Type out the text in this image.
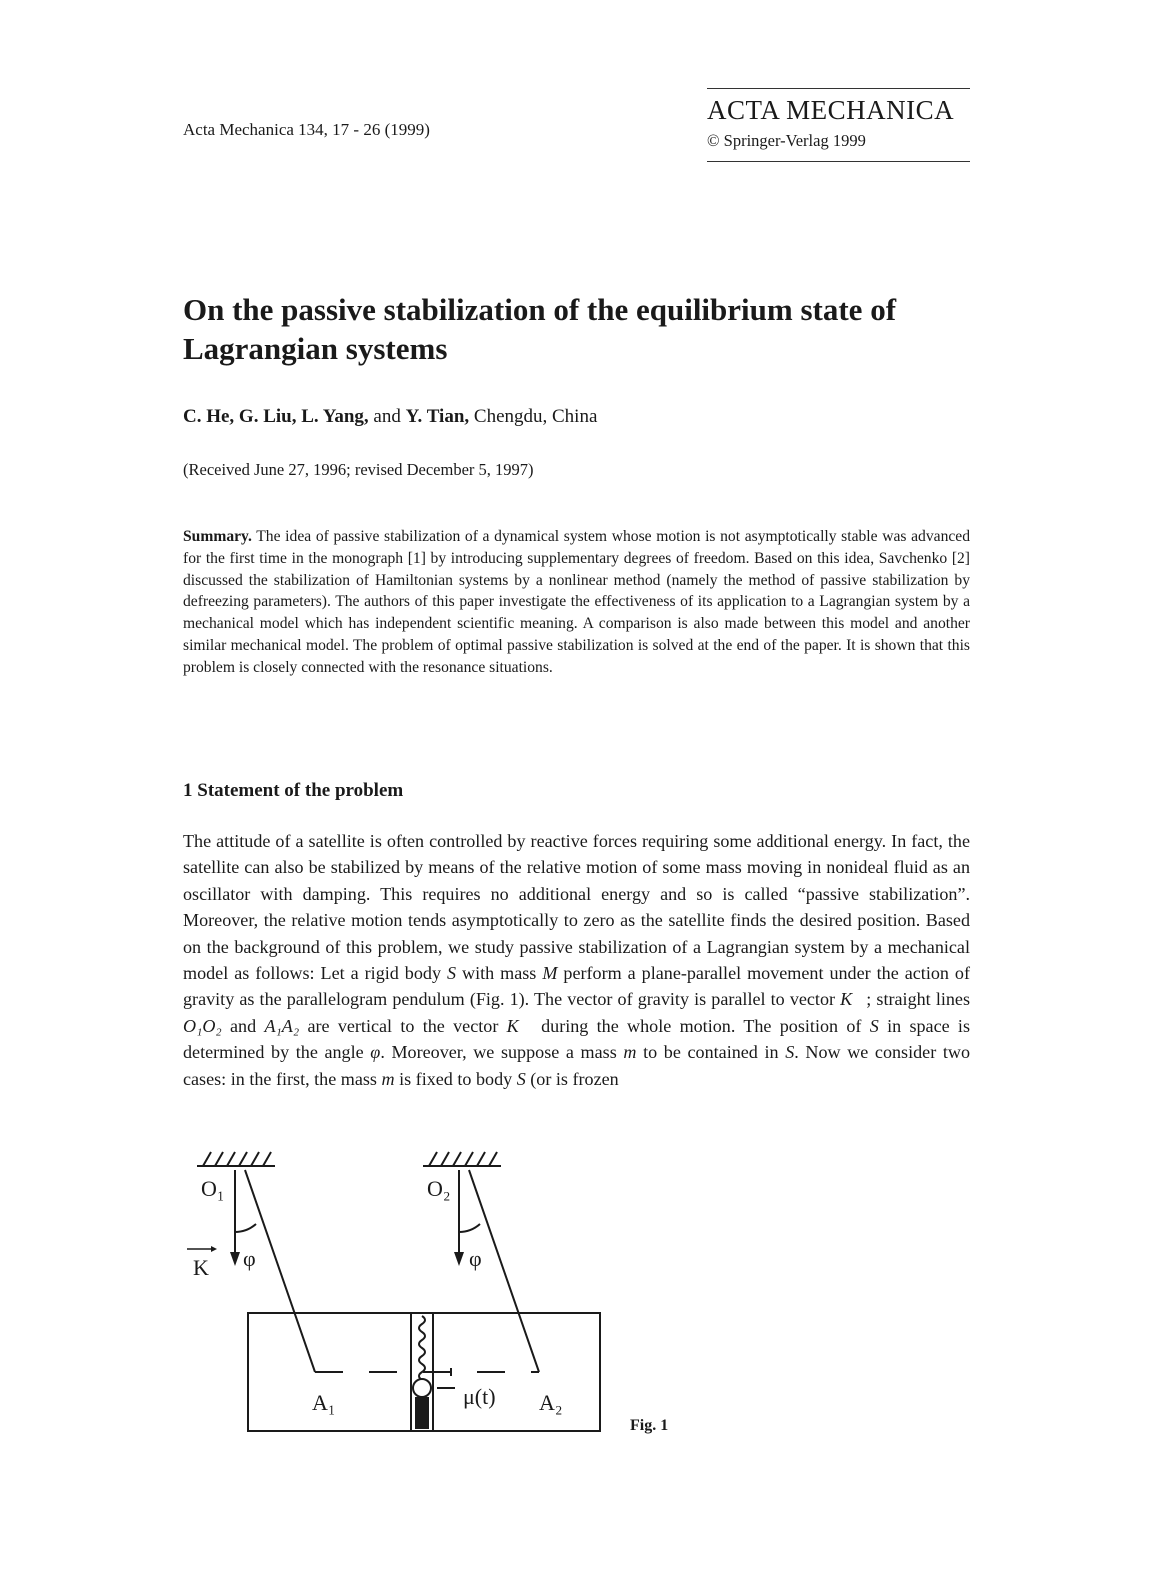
Acta Mechanica 134, 17 - 26 (1999)
ACTA MECHANICA
© Springer-Verlag 1999
On the passive stabilization of the equilibrium state of Lagrangian systems
C. He, G. Liu, L. Yang, and Y. Tian, Chengdu, China
(Received June 27, 1996; revised December 5, 1997)
Summary. The idea of passive stabilization of a dynamical system whose motion is not asymptotically stable was advanced for the first time in the monograph [1] by introducing supplementary degrees of freedom. Based on this idea, Savchenko [2] discussed the stabilization of Hamiltonian systems by a nonlinear method (namely the method of passive stabilization by defreezing parameters). The authors of this paper investigate the effectiveness of its application to a Lagrangian system by a mechanical model which has independent scientific meaning. A comparison is also made between this model and another similar mechanical model. The problem of optimal passive stabilization is solved at the end of the paper. It is shown that this problem is closely connected with the resonance situations.
1 Statement of the problem
The attitude of a satellite is often controlled by reactive forces requiring some additional energy. In fact, the satellite can also be stabilized by means of the relative motion of some mass moving in nonideal fluid as an oscillator with damping. This requires no additional energy and so is called “passive stabilization”. Moreover, the relative motion tends asymptotically to zero as the satellite finds the desired position. Based on the background of this problem, we study passive stabilization of a Lagrangian system by a mechanical model as follows: Let a rigid body S with mass M perform a plane-parallel movement under the action of gravity as the parallelogram pendulum (Fig. 1). The vector of gravity is parallel to vector K⃗; straight lines O₁O₂ and A₁A₂ are vertical to the vector K⃗ during the whole motion. The position of S in space is determined by the angle φ. Moreover, we suppose a mass m to be contained in S. Now we consider two cases: in the first, the mass m is fixed to body S (or is frozen
O₁	O₂
K φ	φ
A₁	A₂
μ(t)
Fig. 1
